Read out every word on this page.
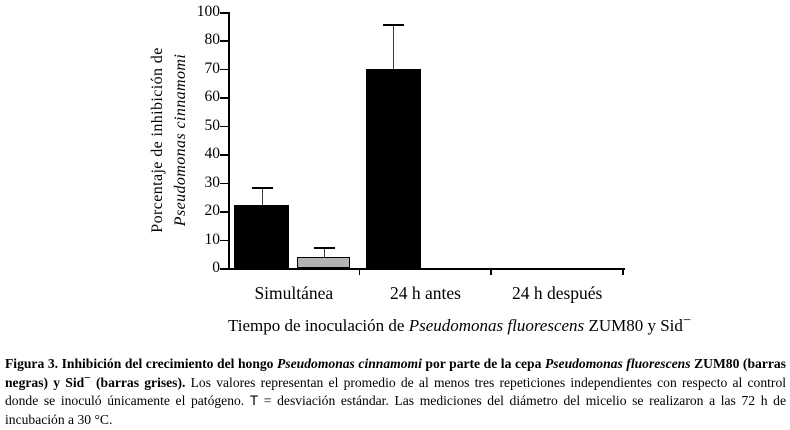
Porcentaje de inhibición de Pseudomonas cinnamomi
100
80
70
60
50
40
30
20
10
0
Simultánea	24 h antes	24 h después
Tiempo de inoculación de Pseudomonas fluorescens ZUM80 y Sid−
Figura 3. Inhibición del crecimiento del hongo Pseudomonas cinnamomi por parte de la cepa Pseudomonas fluorescens ZUM80 (barras negras) y Sid− (barras grises). Los valores representan el promedio de al menos tres repeticiones independientes con respecto al control donde se inoculó únicamente el patógeno. T = desviación estándar. Las mediciones del diámetro del micelio se realizaron a las 72 h de incubación a 30 °C.
